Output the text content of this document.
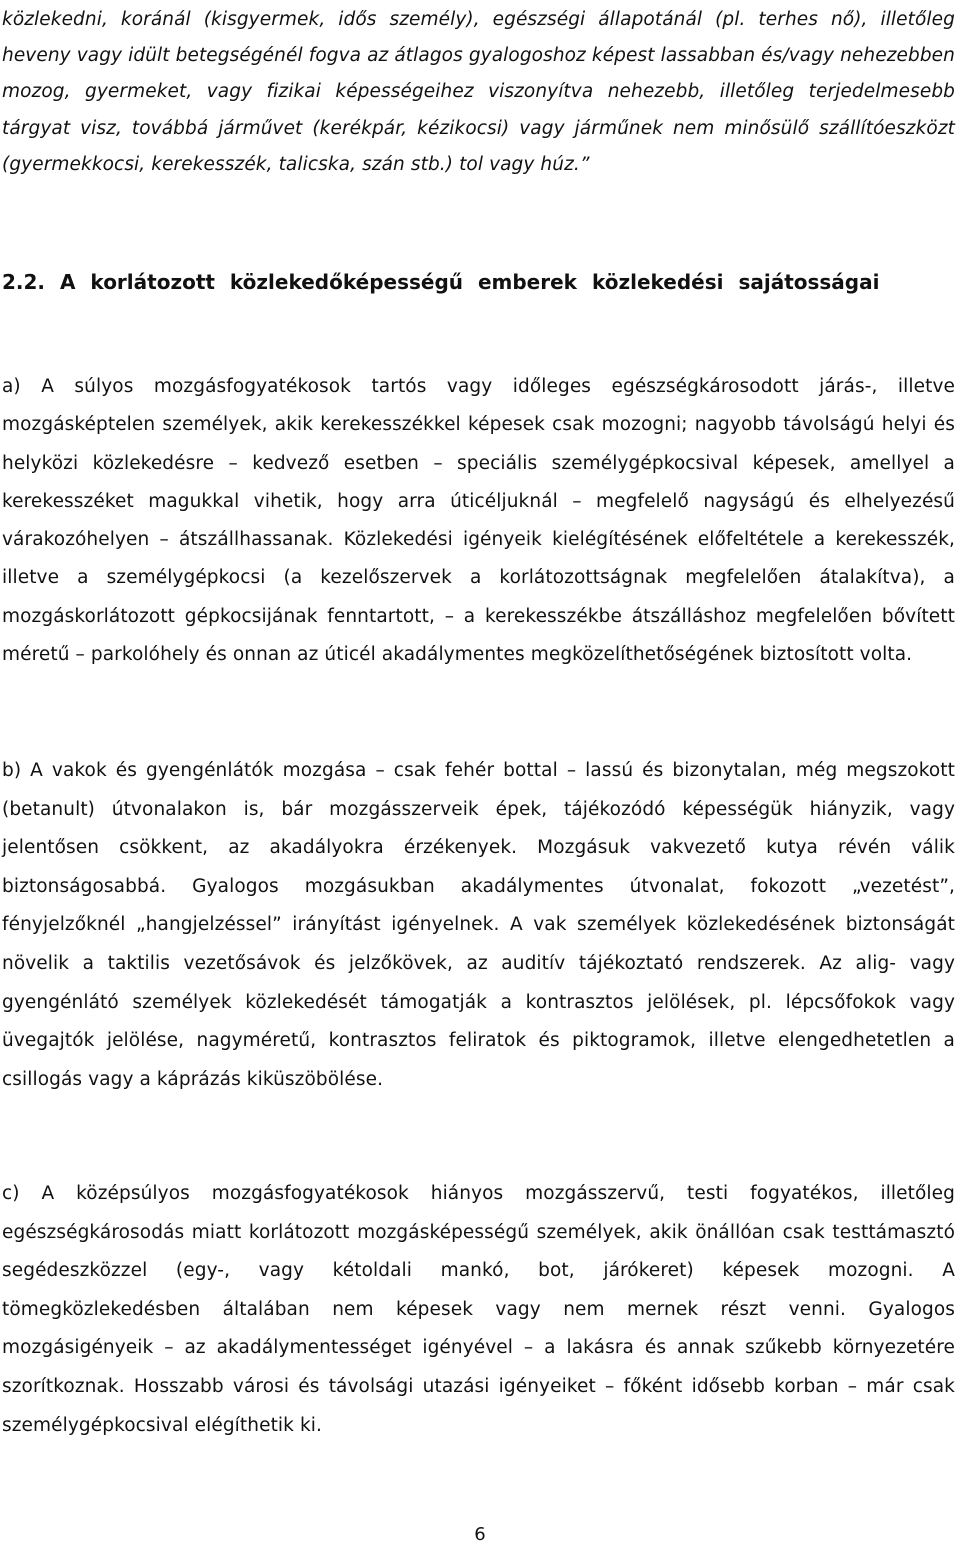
közlekedni, koránál (kisgyermek, idős személy), egészségi állapotánál (pl. terhes nő), illetőleg heveny vagy idült betegségénél fogva az átlagos gyalogoshoz képest lassabban és/vagy nehezebben mozog, gyermeket, vagy fizikai képességeihez viszonyítva nehezebb, illetőleg terjedelmesebb tárgyat visz, továbbá járművet (kerékpár, kézikocsi) vagy járműnek nem minősülő szállítóeszközt (gyermekkocsi, kerekesszék, talicska, szán stb.) tol vagy húz.”

2.2. A korlátozott közlekedőképességű emberek közlekedési sajátosságai

a) A súlyos mozgásfogyatékosok tartós vagy időleges egészségkárosodott járás-, illetve mozgásképtelen személyek, akik kerekesszékkel képesek csak mozogni; nagyobb távolságú helyi és helyközi közlekedésre – kedvező esetben – speciális személygépkocsival képesek, amellyel a kerekesszéket magukkal vihetik, hogy arra úticéljuknál – megfelelő nagyságú és elhelyezésű várakozóhelyen – átszállhassanak. Közlekedési igényeik kielégítésének előfeltétele a kerekesszék, illetve a személygépkocsi (a kezelőszervek a korlátozottságnak megfelelően átalakítva), a mozgáskorlátozott gépkocsijának fenntartott, – a kerekesszékbe átszálláshoz megfelelően bővített méretű – parkolóhely és onnan az úticél akadálymentes megközelíthetőségének biztosított volta.

b) A vakok és gyengénlátók mozgása – csak fehér bottal – lassú és bizonytalan, még megszokott (betanult) útvonalakon is, bár mozgásszerveik épek, tájékozódó képességük hiányzik, vagy jelentősen csökkent, az akadályokra érzékenyek. Mozgásuk vakvezető kutya révén válik biztonságosabbá. Gyalogos mozgásukban akadálymentes útvonalat, fokozott „vezetést”, fényjelzőknél „hangjelzéssel” irányítást igényelnek. A vak személyek közlekedésének biztonságát növelik a taktilis vezetősávok és jelzőkövek, az auditív tájékoztató rendszerek. Az alig- vagy gyengénlátó személyek közlekedését támogatják a kontrasztos jelölések, pl. lépcsőfokok vagy üvegajtók jelölése, nagyméretű, kontrasztos feliratok és piktogramok, illetve elengedhetetlen a csillogás vagy a káprázás kiküszöbölése.

c) A középsúlyos mozgásfogyatékosok hiányos mozgásszervű, testi fogyatékos, illetőleg egészségkárosodás miatt korlátozott mozgásképességű személyek, akik önállóan csak testtámasztó segédeszközzel (egy-, vagy kétoldali mankó, bot, járókeret) képesek mozogni. A tömegközlekedésben általában nem képesek vagy nem mernek részt venni. Gyalogos mozgásigényeik – az akadálymentességet igényével – a lakásra és annak szűkebb környezetére szorítkoznak. Hosszabb városi és távolsági utazási igényeiket – főként idősebb korban – már csak személygépkocsival elégíthetik ki.

6
